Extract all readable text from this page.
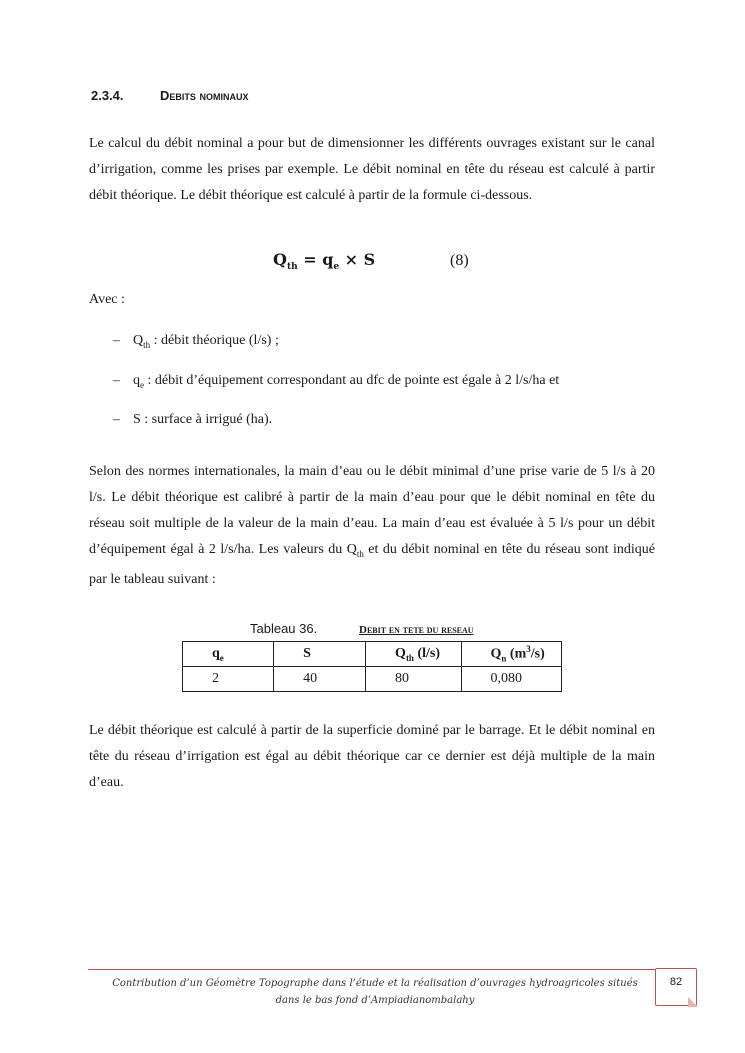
2.3.4.	Debits nominaux
Le calcul du débit nominal a pour but de dimensionner les différents ouvrages existant sur le canal d’irrigation, comme les prises par exemple. Le débit nominal en tête du réseau est calculé à partir débit théorique. Le débit théorique est calculé à partir de la formule ci-dessous.
$Q_{th} = q_e \times S$	(8)
Avec :
– $Q_{th}$ : débit théorique (l/s) ;
– $q_e$ : débit d’équipement correspondant au dfc de pointe est égale à 2 l/s/ha et
– S : surface à irrigué (ha).
Selon des normes internationales, la main d’eau ou le débit minimal d’une prise varie de 5 l/s à 20 l/s. Le débit théorique est calibré à partir de la main d’eau pour que le débit nominal en tête du réseau soit multiple de la valeur de la main d’eau. La main d’eau est évaluée à 5 l/s pour un débit d’équipement égal à 2 l/s/ha. Les valeurs du $Q_{th}$ et du débit nominal en tête du réseau sont indiqué par le tableau suivant :
Tableau 36.	Debit en tete du reseau
$q_e$	S	$Q_{th}$ (l/s)	$Q_n$ $(m^3/s)$
2	40	80	0,080
Le débit théorique est calculé à partir de la superficie dominé par le barrage. Et le débit nominal en tête du réseau d’irrigation est égal au débit théorique car ce dernier est déjà multiple de la main d’eau.
Contribution d’un Géomètre Topographe dans l’étude et la réalisation d’ouvrages hydroagricoles situés dans le bas fond d’Ampiadianombalahy
82
